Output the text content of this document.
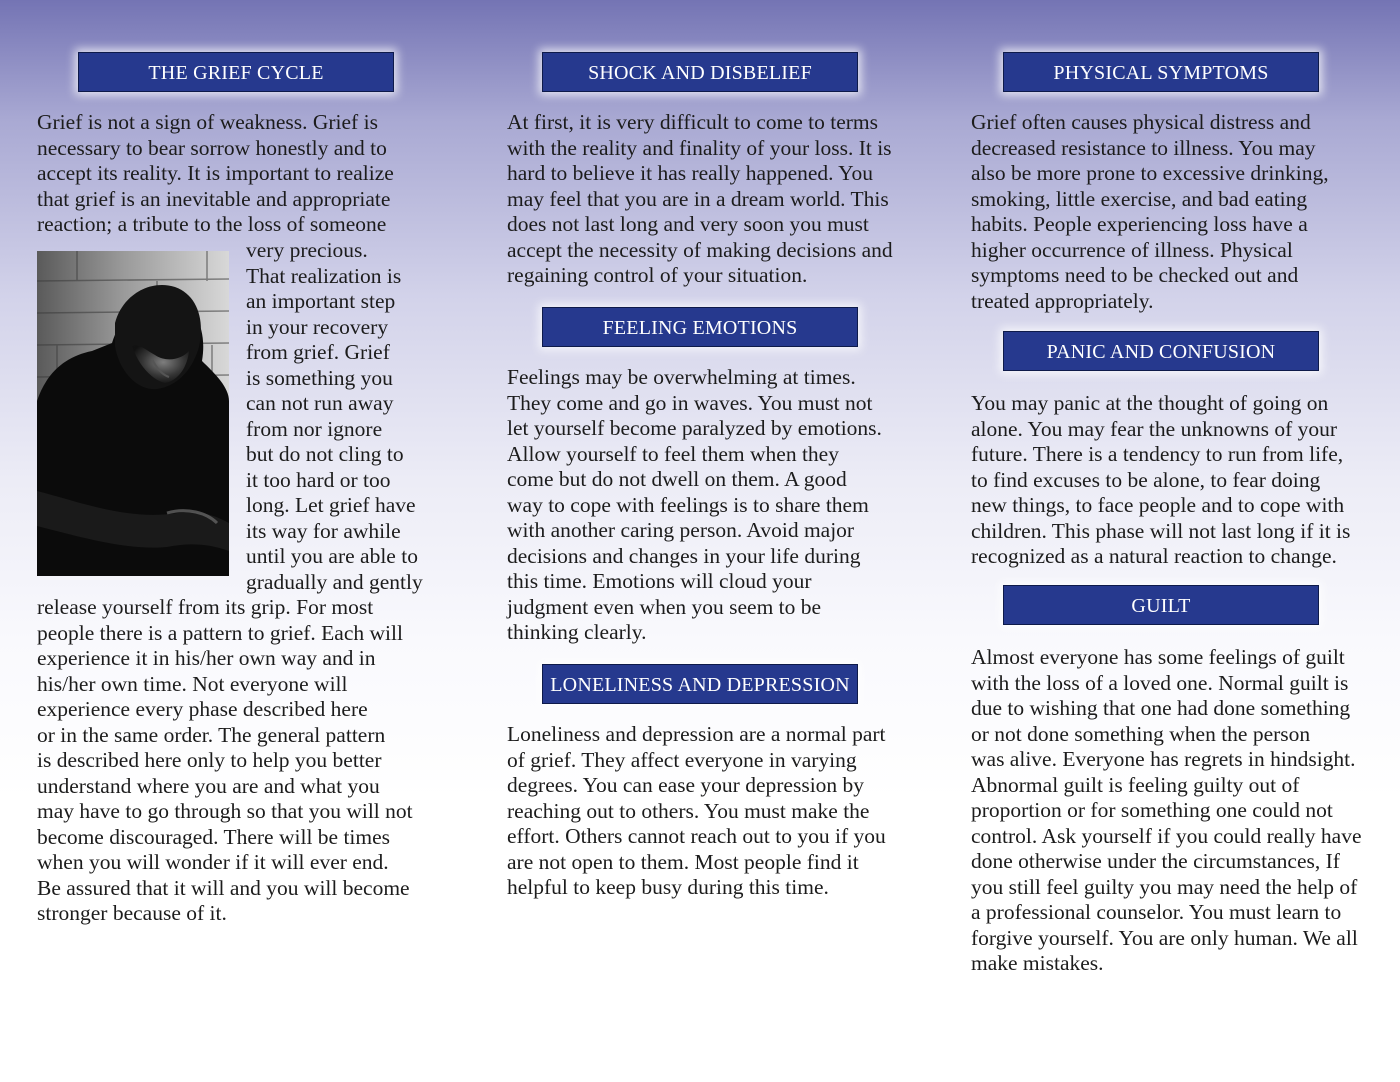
THE GRIEF CYCLE
Grief is not a sign of weakness. Grief is
necessary to bear sorrow honestly and to
accept its reality. It is important to realize
that grief is an inevitable and appropriate
reaction; a tribute to the loss of someone
very precious.
That realization is
an important step
in your recovery
from grief. Grief
is something you
can not run away
from nor ignore
but do not cling to
it too hard or too
long. Let grief have
its way for awhile
until you are able to
gradually and gently
release yourself from its grip. For most
people there is a pattern to grief. Each will
experience it in his/her own way and in
his/her own time. Not everyone will
experience every phase described here
or in the same order. The general pattern
is described here only to help you better
understand where you are and what you
may have to go through so that you will not
become discouraged. There will be times
when you will wonder if it will ever end.
Be assured that it will and you will become
stronger because of it.
SHOCK AND DISBELIEF
At first, it is very difficult to come to terms
with the reality and finality of your loss. It is
hard to believe it has really happened. You
may feel that you are in a dream world. This
does not last long and very soon you must
accept the necessity of making decisions and
regaining control of your situation.
FEELING EMOTIONS
Feelings may be overwhelming at times.
They come and go in waves. You must not
let yourself become paralyzed by emotions.
Allow yourself to feel them when they
come but do not dwell on them. A good
way to cope with feelings is to share them
with another caring person. Avoid major
decisions and changes in your life during
this time. Emotions will cloud your
judgment even when you seem to be
thinking clearly.
LONELINESS AND DEPRESSION
Loneliness and depression are a normal part
of grief. They affect everyone in varying
degrees. You can ease your depression by
reaching out to others. You must make the
effort. Others cannot reach out to you if you
are not open to them. Most people find it
helpful to keep busy during this time.
PHYSICAL SYMPTOMS
Grief often causes physical distress and
decreased resistance to illness. You may
also be more prone to excessive drinking,
smoking, little exercise, and bad eating
habits. People experiencing loss have a
higher occurrence of illness. Physical
symptoms need to be checked out and
treated appropriately.
PANIC AND CONFUSION
You may panic at the thought of going on
alone. You may fear the unknowns of your
future. There is a tendency to run from life,
to find excuses to be alone, to fear doing
new things, to face people and to cope with
children. This phase will not last long if it is
recognized as a natural reaction to change.
GUILT
Almost everyone has some feelings of guilt
with the loss of a loved one. Normal guilt is
due to wishing that one had done something
or not done something when the person
was alive. Everyone has regrets in hindsight.
Abnormal guilt is feeling guilty out of
proportion or for something one could not
control. Ask yourself if you could really have
done otherwise under the circumstances, If
you still feel guilty you may need the help of
a professional counselor. You must learn to
forgive yourself. You are only human. We all
make mistakes.
